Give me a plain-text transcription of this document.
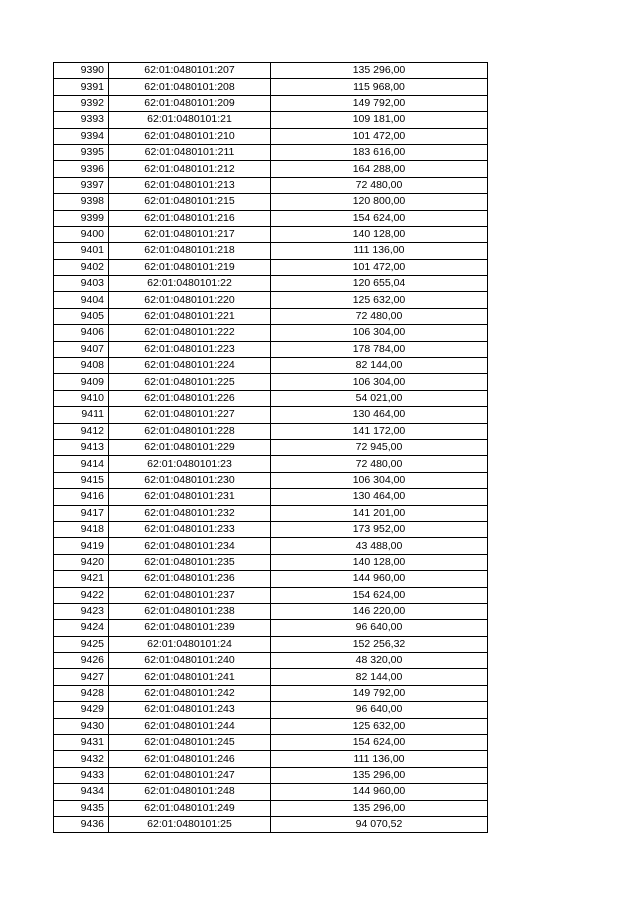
9390	62:01:0480101:207	135 296,00
9391	62:01:0480101:208	115 968,00
9392	62:01:0480101:209	149 792,00
9393	62:01:0480101:21	109 181,00
9394	62:01:0480101:210	101 472,00
9395	62:01:0480101:211	183 616,00
9396	62:01:0480101:212	164 288,00
9397	62:01:0480101:213	72 480,00
9398	62:01:0480101:215	120 800,00
9399	62:01:0480101:216	154 624,00
9400	62:01:0480101:217	140 128,00
9401	62:01:0480101:218	111 136,00
9402	62:01:0480101:219	101 472,00
9403	62:01:0480101:22	120 655,04
9404	62:01:0480101:220	125 632,00
9405	62:01:0480101:221	72 480,00
9406	62:01:0480101:222	106 304,00
9407	62:01:0480101:223	178 784,00
9408	62:01:0480101:224	82 144,00
9409	62:01:0480101:225	106 304,00
9410	62:01:0480101:226	54 021,00
9411	62:01:0480101:227	130 464,00
9412	62:01:0480101:228	141 172,00
9413	62:01:0480101:229	72 945,00
9414	62:01:0480101:23	72 480,00
9415	62:01:0480101:230	106 304,00
9416	62:01:0480101:231	130 464,00
9417	62:01:0480101:232	141 201,00
9418	62:01:0480101:233	173 952,00
9419	62:01:0480101:234	43 488,00
9420	62:01:0480101:235	140 128,00
9421	62:01:0480101:236	144 960,00
9422	62:01:0480101:237	154 624,00
9423	62:01:0480101:238	146 220,00
9424	62:01:0480101:239	96 640,00
9425	62:01:0480101:24	152 256,32
9426	62:01:0480101:240	48 320,00
9427	62:01:0480101:241	82 144,00
9428	62:01:0480101:242	149 792,00
9429	62:01:0480101:243	96 640,00
9430	62:01:0480101:244	125 632,00
9431	62:01:0480101:245	154 624,00
9432	62:01:0480101:246	111 136,00
9433	62:01:0480101:247	135 296,00
9434	62:01:0480101:248	144 960,00
9435	62:01:0480101:249	135 296,00
9436	62:01:0480101:25	94 070,52
